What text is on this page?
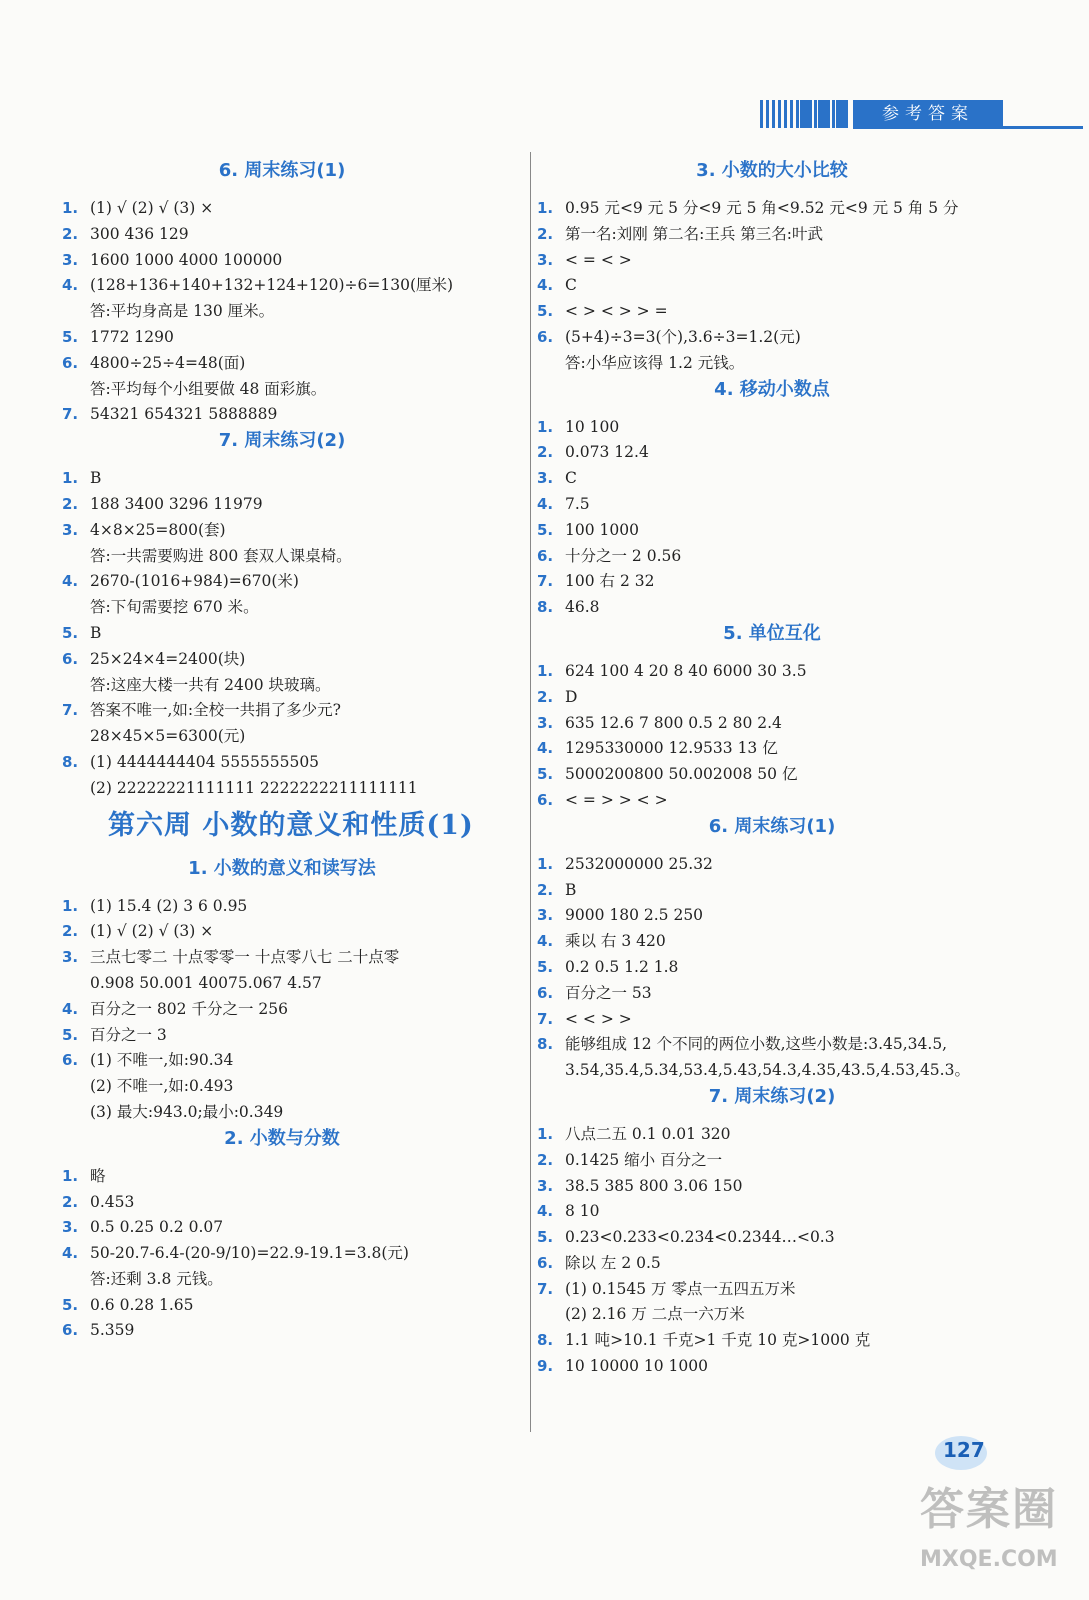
参考答案
6. 周末练习(1)
1. (1) √ (2) √ (3) ×
2. 300 436 129
3. 1600 1000 4000 100000
4. (128+136+140+132+124+120)÷6=130(厘米)
答:平均身高是 130 厘米。
5. 1772 1290
6. 4800÷25÷4=48(面)
答:平均每个小组要做 48 面彩旗。
7. 54321 654321 5888889
7. 周末练习(2)
1. B
2. 188 3400 3296 11979
3. 4×8×25=800(套)
答:一共需要购进 800 套双人课桌椅。
4. 2670-(1016+984)=670(米)
答:下旬需要挖 670 米。
5. B
6. 25×24×4=2400(块)
答:这座大楼一共有 2400 块玻璃。
7. 答案不唯一,如:全校一共捐了多少元?
28×45×5=6300(元)
8. (1) 4444444404 5555555505
(2) 22222221111111 2222222211111111
第六周 小数的意义和性质(1)
1. 小数的意义和读写法
1. (1) 15.4 (2) 3 6 0.95
2. (1) √ (2) √ (3) ×
3. 三点七零二 十点零零一 十点零八七 二十点零
0.908 50.001 40075.067 4.57
4. 百分之一 802 千分之一 256
5. 百分之一 3
6. (1) 不唯一,如:90.34
(2) 不唯一,如:0.493
(3) 最大:943.0;最小:0.349
2. 小数与分数
1. 略
2. 0.453
3. 0.5 0.25 0.2 0.07
4. 50-20.7-6.4-(20-9/10)=22.9-19.1=3.8(元)
答:还剩 3.8 元钱。
5. 0.6 0.28 1.65
6. 5.359
3. 小数的大小比较
1. 0.95 元<9 元 5 分<9 元 5 角<9.52 元<9 元 5 角 5 分
2. 第一名:刘刚 第二名:王兵 第三名:叶武
3. < = < >
4. C
5. < > < > > =
6. (5+4)÷3=3(个),3.6÷3=1.2(元)
答:小华应该得 1.2 元钱。
4. 移动小数点
1. 10 100
2. 0.073 12.4
3. C
4. 7.5
5. 100 1000
6. 十分之一 2 0.56
7. 100 右 2 32
8. 46.8
5. 单位互化
1. 624 100 4 20 8 40 6000 30 3.5
2. D
3. 635 12.6 7 800 0.5 2 80 2.4
4. 1295330000 12.9533 13 亿
5. 5000200800 50.002008 50 亿
6. < = > > < >
6. 周末练习(1)
1. 2532000000 25.32
2. B
3. 9000 180 2.5 250
4. 乘以 右 3 420
5. 0.2 0.5 1.2 1.8
6. 百分之一 53
7. < < > >
8. 能够组成 12 个不同的两位小数,这些小数是:3.45,34.5,
3.54,35.4,5.34,53.4,5.43,54.3,4.35,43.5,4.53,45.3。
7. 周末练习(2)
1. 八点二五 0.1 0.01 320
2. 0.1425 缩小 百分之一
3. 38.5 385 800 3.06 150
4. 8 10
5. 0.23<0.233<0.234<0.2344…<0.3
6. 除以 左 2 0.5
7. (1) 0.1545 万 零点一五四五万米
(2) 2.16 万 二点一六万米
8. 1.1 吨>10.1 千克>1 千克 10 克>1000 克
9. 10 10000 10 1000
127
答案圈
MXQE.COM
